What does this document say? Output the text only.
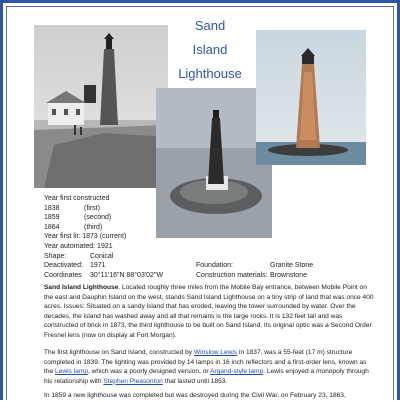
Sand
Island
Lighthouse
Year first constructed
1838	(first)
1859	(second)
1864	(third)
Year first lit: 1873 (current)
Year automated: 1921
Shape:	Conical
Deactivated: 1971
Coordinates 30°11'16"N 88°03'02"W
Foundation:	Granite Stone
Construction materials: Brownstone
Sand Island Lighthouse. Located roughly three miles from the Mobile Bay entrance, between Mobile Point on the east and Dauphin Island on the west, stands Sand Island Lighthouse on a tiny strip of land that was once 400 acres. Issues: Situated on a sandy island that has eroded, leaving the tower surrounded by water. Over the decades, the island has washed away and all that remains is the large rocks. It is 132 feet tall and was constructed of brick in 1873, the third lighthouse to be built on Sand Island. Its original optic was a Second Order Fresnel lens (now on display at Fort Morgan).
The first lighthouse on Sand Island, constructed by Winslow Lewis in 1837, was a 55-feet (17 m) structure completed in 1839. The lighting was provided by 14 lamps in 16 inch reflectors and a first-order lens, known as the Lewis lamp, which was a poorly designed version, or Argand-style lamp. Lewis enjoyed a monopoly through his relationship with Stephen Pleasonton that lasted until 1853.
In 1859 a new lighthouse was completed but was destroyed during the Civil War, on February 23, 1863,
